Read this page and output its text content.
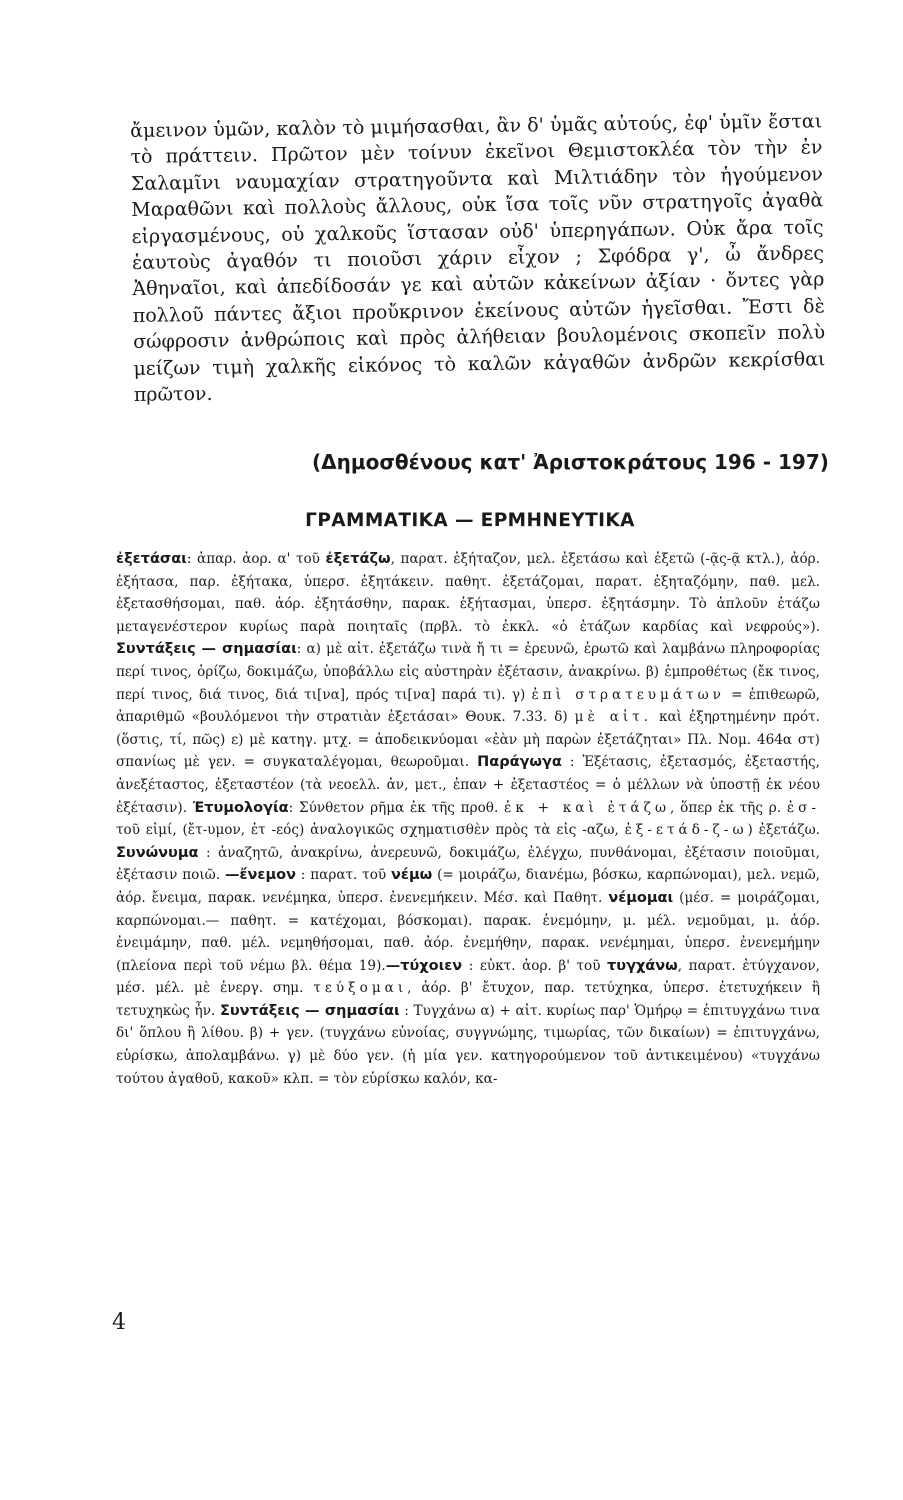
ἄμεινον ὑμῶν, καλὸν τὸ μιμήσασθαι, ἂν δ' ὑμᾶς αὐτούς, ἐφ' ὑμῖν ἔσται τὸ πράττειν. Πρῶτον μὲν τοίνυν ἐκεῖνοι Θεμιστοκλέα τὸν τὴν ἐν Σαλαμῖνι ναυμαχίαν στρατηγοῦντα καὶ Μιλτιάδην τὸν ἡγούμενον Μαραθῶνι καὶ πολλοὺς ἄλλους, οὐκ ἴσα τοῖς νῦν στρατηγοῖς ἀγαθὰ εἰργασμένους, οὐ χαλκοῦς ἵστασαν οὐδ' ὑπερηγάπων. Οὐκ ἄρα τοῖς ἑαυτοὺς ἀγαθόν τι ποιοῦσι χάριν εἶχον ; Σφόδρα γ', ὦ ἄνδρες Ἀθηναῖοι, καὶ ἀπεδίδοσάν γε καὶ αὐτῶν κἀκείνων ἀξίαν · ὄντες γὰρ πολλοῦ πάντες ἄξιοι προὔκρινον ἐκείνους αὐτῶν ἡγεῖσθαι. Ἔστι δὲ σώφροσιν ἀνθρώποις καὶ πρὸς ἀλήθειαν βουλομένοις σκοπεῖν πολὺ μείζων τιμὴ χαλκῆς εἰκόνος τὸ καλῶν κἀγαθῶν ἀνδρῶν κεκρίσθαι πρῶτον.
(Δημοσθένους κατ' Ἀριστοκράτους 196 - 197)
ΓΡΑΜΜΑΤΙΚΑ — ΕΡΜΗΝΕΥΤΙΚΑ
ἐξετάσαι: ἀπαρ. ἀορ. α' τοῦ ἐξετάζω, παρατ. ἐξήταζον, μελ. ἐξετάσω καὶ ἐξετῶ (-ᾷς-ᾷ κτλ.), ἀόρ. ἐξήτασα, παρ. ἐξήτακα, ὑπερσ. ἐξητάκειν. παθητ. ἐξετάζομαι, παρατ. ἐξηταζόμην, παθ. μελ. ἐξετασθήσομαι, παθ. ἀόρ. ἐξητάσθην, παρακ. ἐξήτασμαι, ὑπερσ. ἐξητάσμην. Τὸ ἁπλοῦν ἐτάζω μεταγενέστερον κυρίως παρὰ ποιηταῖς (πρβλ. τὸ ἐκκλ. «ὁ ἐτάζων καρδίας καὶ νεφρούς»). Συντάξεις — σημασίαι: α) μὲ αἰτ. ἐξετάζω τινὰ ἤ τι = ἐρευνῶ, ἐρωτῶ καὶ λαμβάνω πληροφορίας περί τινος, ὁρίζω, δοκιμάζω, ὑποβάλλω εἰς αὐστηρὰν ἐξέτασιν, ἀνακρίνω. β) ἐμπροθέτως (ἔκ τινος, περί τινος, διά τινος, διά τι[να], πρός τι[να] παρά τι). γ) ἐπὶ στρατευμάτων = ἐπιθεωρῶ, ἀπαριθμῶ «βουλόμενοι τὴν στρατιὰν ἐξετάσαι» Θουκ. 7.33. δ) μὲ αἰτ. καὶ ἐξηρτημένην πρότ. (ὅστις, τί, πῶς) ε) μὲ κατηγ. μτχ. = ἀποδεικνύομαι «ἐὰν μὴ παρὼν ἐξετάζηται» Πλ. Νομ. 464α στ) σπανίως μὲ γεν. = συγκαταλέγομαι, θεωροῦμαι. Παράγωγα : Ἐξέτασις, ἐξετασμός, ἐξεταστής, ἀνεξέταστος, ἐξεταστέον (τὰ νεοελλ. ἀν, μετ., ἐπαν + ἐξεταστέος = ὁ μέλλων νὰ ὑποστῇ ἐκ νέου ἐξέτασιν). Ἐτυμολογία: Σύνθετον ρῆμα ἐκ τῆς προθ. ἐκ + καὶ ἐτάζω, ὅπερ ἐκ τῆς ρ. ἐσ- τοῦ εἰμί, (ἔτ-υμον, ἐτ -εός) ἀναλογικῶς σχηματισθὲν πρὸς τὰ εἰς -αζω, ἐξ-ετάδ-ζ-ω) ἐξετάζω. Συνώνυμα : ἀναζητῶ, ἀνακρίνω, ἀνερευνῶ, δοκιμάζω, ἐλέγχω, πυνθάνομαι, ἐξέτασιν ποιοῦμαι, ἐξέτασιν ποιῶ. —ἔνεμον : παρατ. τοῦ νέμω (= μοιράζω, διανέμω, βόσκω, καρπώνομαι), μελ. νεμῶ, ἀόρ. ἔνειμα, παρακ. νενέμηκα, ὑπερσ. ἐνενεμήκειν. Μέσ. καὶ Παθητ. νέμομαι (μέσ. = μοιράζομαι, καρπώνομαι.— παθητ. = κατέχομαι, βόσκομαι). παρακ. ἐνεμόμην, μ. μέλ. νεμοῦμαι, μ. ἀόρ. ἐνειμάμην, παθ. μέλ. νεμηθήσομαι, παθ. ἀόρ. ἐνεμήθην, παρακ. νενέμημαι, ὑπερσ. ἐνενεμήμην (πλείονα περὶ τοῦ νέμω βλ. θέμα 19).—τύχοιεν : εὐκτ. ἀορ. β' τοῦ τυγχάνω, παρατ. ἐτύγχανον, μέσ. μέλ. μὲ ἐνεργ. σημ. τεύξομαι, ἀόρ. β' ἔτυχον, παρ. τετύχηκα, ὑπερσ. ἐτετυχήκειν ἢ τετυχηκὼς ἦν. Συντάξεις — σημασίαι : Τυγχάνω α) + αἰτ. κυρίως παρ' Ὁμήρῳ = ἐπιτυγχάνω τινα δι' ὅπλου ἢ λίθου. β) + γεν. (τυγχάνω εὐνοίας, συγγνώμης, τιμωρίας, τῶν δικαίων) = ἐπιτυγχάνω, εὑρίσκω, ἀπολαμβάνω. γ) μὲ δύο γεν. (ἡ μία γεν. κατηγορούμενον τοῦ ἀντικειμένου) «τυγχάνω τούτου ἀγαθοῦ, κακοῦ» κλπ. = τὸν εὑρίσκω καλόν, κα-
4
